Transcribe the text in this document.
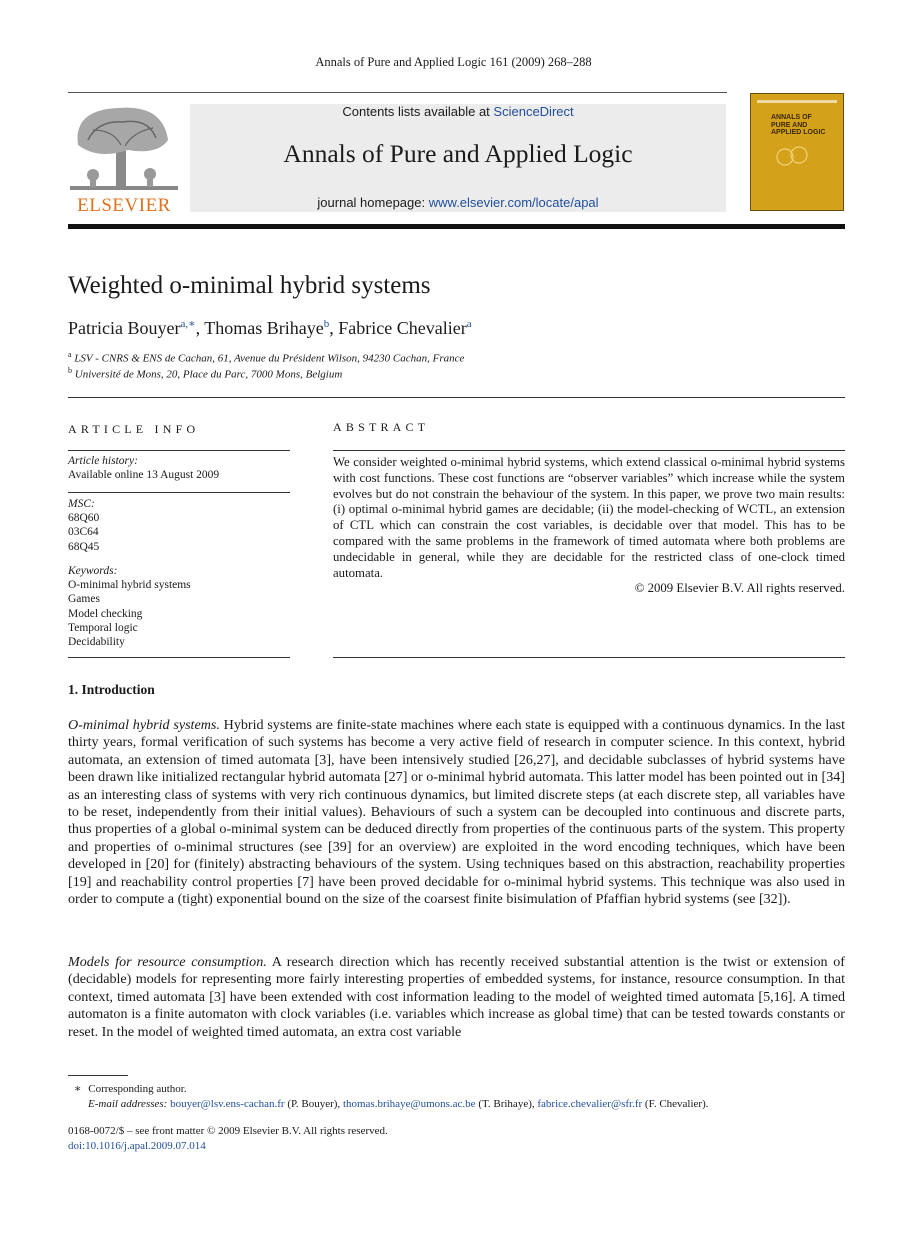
Annals of Pure and Applied Logic 161 (2009) 268–288
ELSEVIER
Contents lists available at ScienceDirect
Annals of Pure and Applied Logic
journal homepage: www.elsevier.com/locate/apal
ANNALS OF PURE AND APPLIED LOGIC
Weighted o-minimal hybrid systems
Patricia Bouyer$^{a,∗}$, Thomas Brihaye$^b$, Fabrice Chevalier$^a$
$^a$ LSV - CNRS & ENS de Cachan, 61, Avenue du Président Wilson, 94230 Cachan, France
$^b$ Université de Mons, 20, Place du Parc, 7000 Mons, Belgium
ARTICLE INFO
Article history:
Available online 13 August 2009
MSC:
68Q60
03C64
68Q45
Keywords:
O-minimal hybrid systems
Games
Model checking
Temporal logic
Decidability
ABSTRACT
We consider weighted o-minimal hybrid systems, which extend classical o-minimal hybrid systems with cost functions. These cost functions are “observer variables” which increase while the system evolves but do not constrain the behaviour of the system. In this paper, we prove two main results: (i) optimal o-minimal hybrid games are decidable; (ii) the model-checking of WCTL, an extension of CTL which can constrain the cost variables, is decidable over that model. This has to be compared with the same problems in the framework of timed automata where both problems are undecidable in general, while they are decidable for the restricted class of one-clock timed automata.
© 2009 Elsevier B.V. All rights reserved.
1. Introduction
O-minimal hybrid systems. Hybrid systems are finite-state machines where each state is equipped with a continuous dynamics. In the last thirty years, formal verification of such systems has become a very active field of research in computer science. In this context, hybrid automata, an extension of timed automata [3], have been intensively studied [26,27], and decidable subclasses of hybrid systems have been drawn like initialized rectangular hybrid automata [27] or o-minimal hybrid automata. This latter model has been pointed out in [34] as an interesting class of systems with very rich continuous dynamics, but limited discrete steps (at each discrete step, all variables have to be reset, independently from their initial values). Behaviours of such a system can be decoupled into continuous and discrete parts, thus properties of a global o-minimal system can be deduced directly from properties of the continuous parts of the system. This property and properties of o-minimal structures (see [39] for an overview) are exploited in the word encoding techniques, which have been developed in [20] for (finitely) abstracting behaviours of the system. Using techniques based on this abstraction, reachability properties [19] and reachability control properties [7] have been proved decidable for o-minimal hybrid systems. This technique was also used in order to compute a (tight) exponential bound on the size of the coarsest finite bisimulation of Pfaffian hybrid systems (see [32]).
Models for resource consumption. A research direction which has recently received substantial attention is the twist or extension of (decidable) models for representing more fairly interesting properties of embedded systems, for instance, resource consumption. In that context, timed automata [3] have been extended with cost information leading to the model of weighted timed automata [5,16]. A timed automaton is a finite automaton with clock variables (i.e. variables which increase as global time) that can be tested towards constants or reset. In the model of weighted timed automata, an extra cost variable
∗ Corresponding author.
E-mail addresses: bouyer@lsv.ens-cachan.fr (P. Bouyer), thomas.brihaye@umons.ac.be (T. Brihaye), fabrice.chevalier@sfr.fr (F. Chevalier).
0168-0072/$ – see front matter © 2009 Elsevier B.V. All rights reserved.
doi:10.1016/j.apal.2009.07.014
